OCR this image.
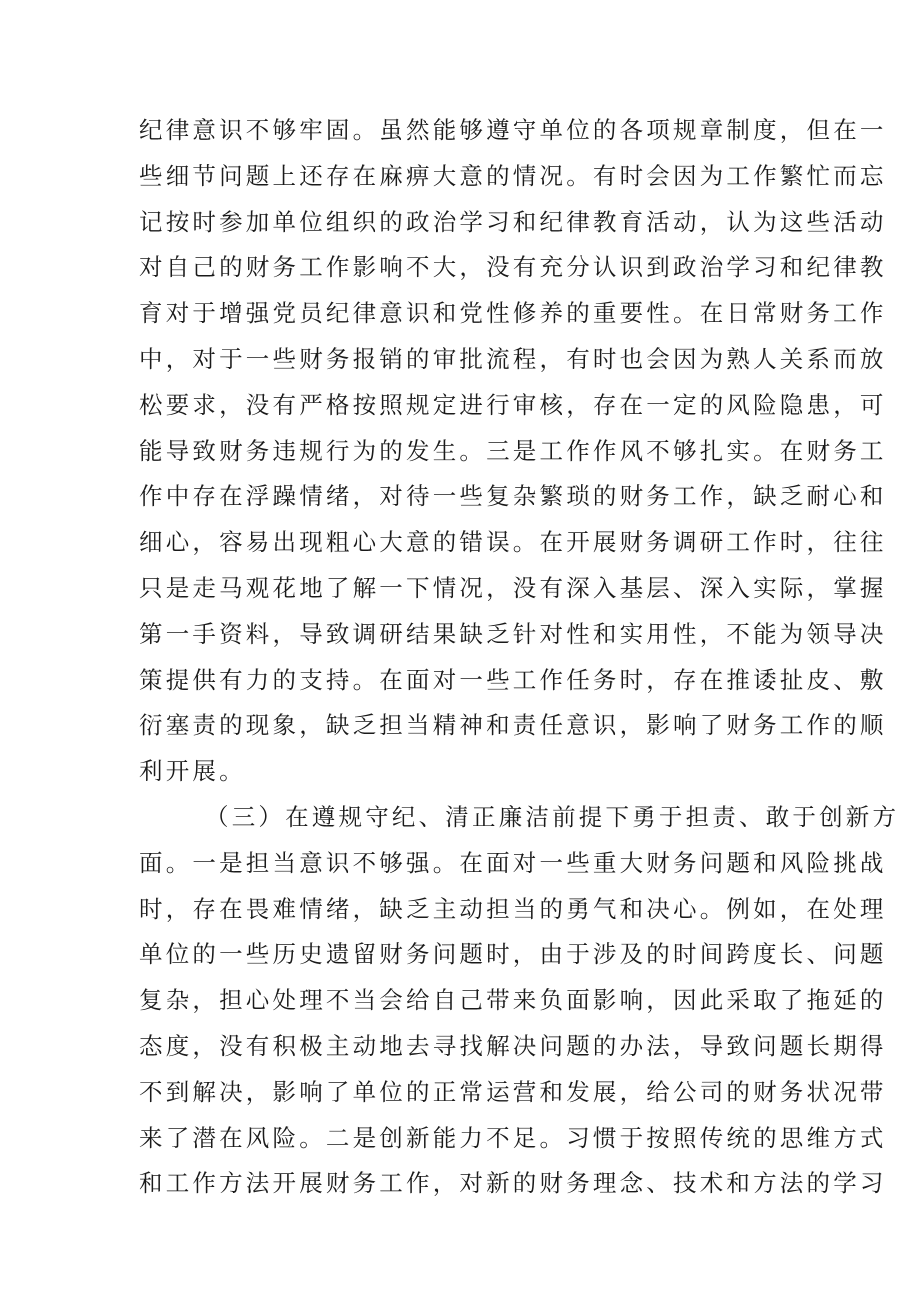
纪律意识不够牢固。虽然能够遵守单位的各项规章制度，但在一
些细节问题上还存在麻痹大意的情况。有时会因为工作繁忙而忘
记按时参加单位组织的政治学习和纪律教育活动，认为这些活动
对自己的财务工作影响不大，没有充分认识到政治学习和纪律教
育对于增强党员纪律意识和党性修养的重要性。在日常财务工作
中，对于一些财务报销的审批流程，有时也会因为熟人关系而放
松要求，没有严格按照规定进行审核，存在一定的风险隐患，可
能导致财务违规行为的发生。三是工作作风不够扎实。在财务工
作中存在浮躁情绪，对待一些复杂繁琐的财务工作，缺乏耐心和
细心，容易出现粗心大意的错误。在开展财务调研工作时，往往
只是走马观花地了解一下情况，没有深入基层、深入实际，掌握
第一手资料，导致调研结果缺乏针对性和实用性，不能为领导决
策提供有力的支持。在面对一些工作任务时，存在推诿扯皮、敷
衍塞责的现象，缺乏担当精神和责任意识，影响了财务工作的顺
利开展。
（三）在遵规守纪、清正廉洁前提下勇于担责、敢于创新方
面。一是担当意识不够强。在面对一些重大财务问题和风险挑战
时，存在畏难情绪，缺乏主动担当的勇气和决心。例如，在处理
单位的一些历史遗留财务问题时，由于涉及的时间跨度长、问题
复杂，担心处理不当会给自己带来负面影响，因此采取了拖延的
态度，没有积极主动地去寻找解决问题的办法，导致问题长期得
不到解决，影响了单位的正常运营和发展，给公司的财务状况带
来了潜在风险。二是创新能力不足。习惯于按照传统的思维方式
和工作方法开展财务工作，对新的财务理念、技术和方法的学习
